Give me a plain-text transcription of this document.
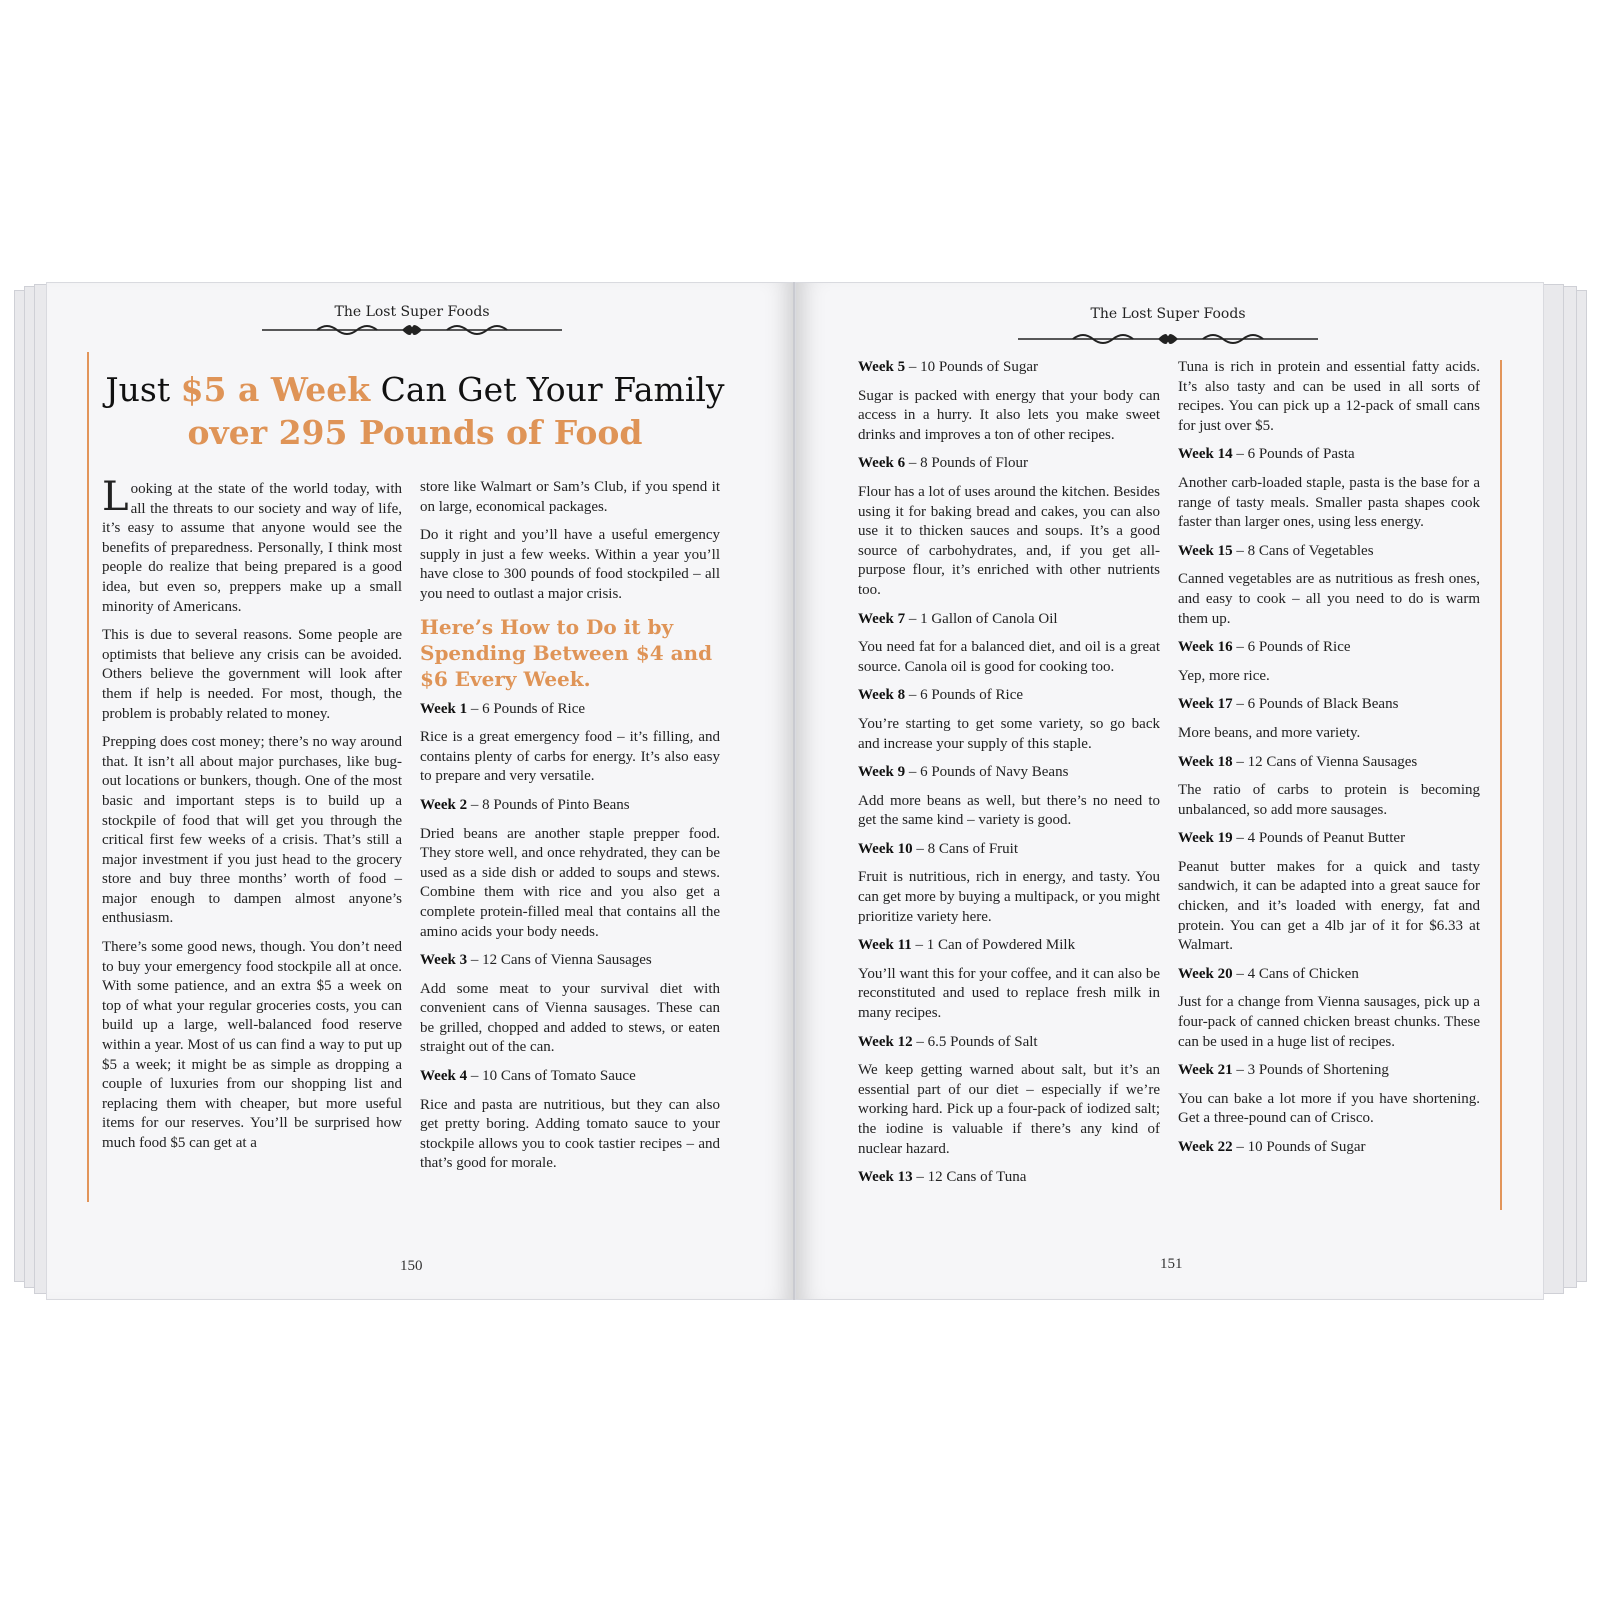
The Lost Super Foods
Just $5 a Week Can Get Your Family
over 295 Pounds of Food

Looking at the state of the world today, with all the threats to our society and way of life, it’s easy to assume that anyone would see the benefits of preparedness. Personally, I think most people do realize that being prepared is a good idea, but even so, preppers make up a small minority of Americans.

This is due to several reasons. Some people are optimists that believe any crisis can be avoided. Others believe the government will look after them if help is needed. For most, though, the problem is probably related to money.

Prepping does cost money; there’s no way around that. It isn’t all about major purchases, like bug-out locations or bunkers, though. One of the most basic and important steps is to build up a stockpile of food that will get you through the critical first few weeks of a crisis. That’s still a major investment if you just head to the grocery store and buy three months’ worth of food – major enough to dampen almost anyone’s enthusiasm.

There’s some good news, though. You don’t need to buy your emergency food stockpile all at once. With some patience, and an extra $5 a week on top of what your regular groceries costs, you can build up a large, well-balanced food reserve within a year. Most of us can find a way to put up $5 a week; it might be as simple as dropping a couple of luxuries from our shopping list and replacing them with cheaper, but more useful items for our reserves. You’ll be surprised how much food $5 can get at a

store like Walmart or Sam’s Club, if you spend it on large, economical packages.

Do it right and you’ll have a useful emergency supply in just a few weeks. Within a year you’ll have close to 300 pounds of food stockpiled – all you need to outlast a major crisis.

Here’s How to Do it by Spending Between $4 and $6 Every Week.
Week 1 – 6 Pounds of Rice

Rice is a great emergency food – it’s filling, and contains plenty of carbs for energy. It’s also easy to prepare and very versatile.

Week 2 – 8 Pounds of Pinto Beans

Dried beans are another staple prepper food. They store well, and once rehydrated, they can be used as a side dish or added to soups and stews. Combine them with rice and you also get a complete protein-filled meal that contains all the amino acids your body needs.

Week 3 – 12 Cans of Vienna Sausages

Add some meat to your survival diet with convenient cans of Vienna sausages. These can be grilled, chopped and added to stews, or eaten straight out of the can.

Week 4 – 10 Cans of Tomato Sauce

Rice and pasta are nutritious, but they can also get pretty boring. Adding tomato sauce to your stockpile allows you to cook tastier recipes – and that’s good for morale.

150
The Lost Super Foods
Week 5 – 10 Pounds of Sugar

Sugar is packed with energy that your body can access in a hurry. It also lets you make sweet drinks and improves a ton of other recipes.

Week 6 – 8 Pounds of Flour

Flour has a lot of uses around the kitchen. Besides using it for baking bread and cakes, you can also use it to thicken sauces and soups. It’s a good source of carbohydrates, and, if you get all-purpose flour, it’s enriched with other nutrients too.

Week 7 – 1 Gallon of Canola Oil

You need fat for a balanced diet, and oil is a great source. Canola oil is good for cooking too.

Week 8 – 6 Pounds of Rice

You’re starting to get some variety, so go back and increase your supply of this staple.

Week 9 – 6 Pounds of Navy Beans

Add more beans as well, but there’s no need to get the same kind – variety is good.

Week 10 – 8 Cans of Fruit

Fruit is nutritious, rich in energy, and tasty. You can get more by buying a multipack, or you might prioritize variety here.

Week 11 – 1 Can of Powdered Milk

You’ll want this for your coffee, and it can also be reconstituted and used to replace fresh milk in many recipes.

Week 12 – 6.5 Pounds of Salt

We keep getting warned about salt, but it’s an essential part of our diet – especially if we’re working hard. Pick up a four-pack of iodized salt; the iodine is valuable if there’s any kind of nuclear hazard.

Week 13 – 12 Cans of Tuna

Tuna is rich in protein and essential fatty acids. It’s also tasty and can be used in all sorts of recipes. You can pick up a 12-pack of small cans for just over $5.

Week 14 – 6 Pounds of Pasta

Another carb-loaded staple, pasta is the base for a range of tasty meals. Smaller pasta shapes cook faster than larger ones, using less energy.

Week 15 – 8 Cans of Vegetables

Canned vegetables are as nutritious as fresh ones, and easy to cook – all you need to do is warm them up.

Week 16 – 6 Pounds of Rice

Yep, more rice.

Week 17 – 6 Pounds of Black Beans

More beans, and more variety.

Week 18 – 12 Cans of Vienna Sausages

The ratio of carbs to protein is becoming unbalanced, so add more sausages.

Week 19 – 4 Pounds of Peanut Butter

Peanut butter makes for a quick and tasty sandwich, it can be adapted into a great sauce for chicken, and it’s loaded with energy, fat and protein. You can get a 4lb jar of it for $6.33 at Walmart.

Week 20 – 4 Cans of Chicken

Just for a change from Vienna sausages, pick up a four-pack of canned chicken breast chunks. These can be used in a huge list of recipes.

Week 21 – 3 Pounds of Shortening

You can bake a lot more if you have shortening. Get a three-pound can of Crisco.

Week 22 – 10 Pounds of Sugar
151
